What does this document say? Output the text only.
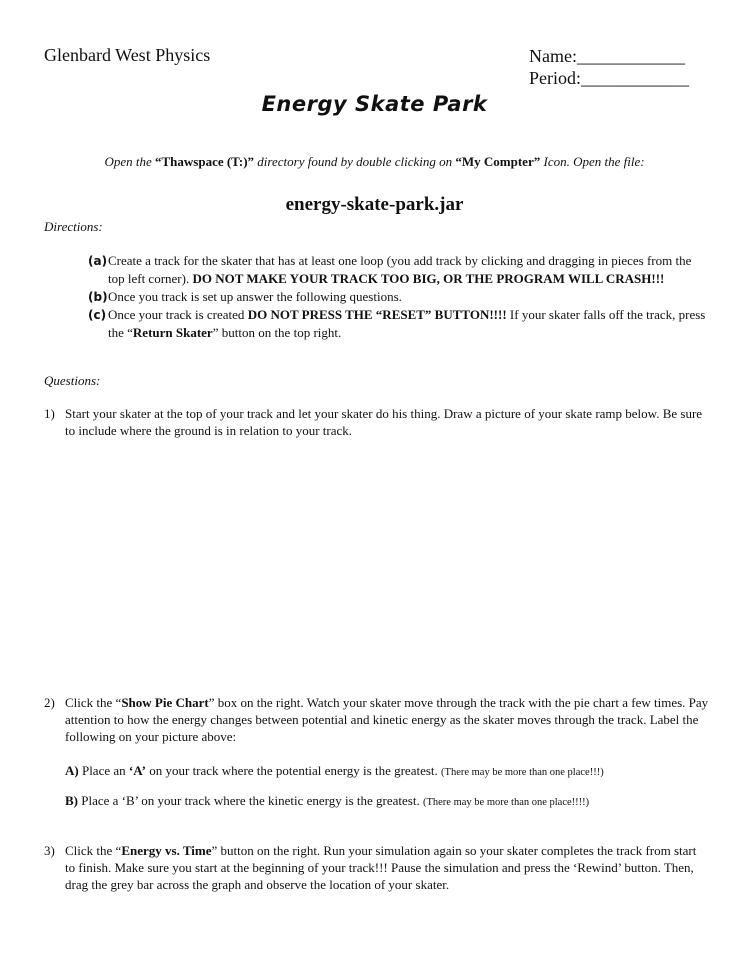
Glenbard West Physics	Name:____________
Period:____________
Energy Skate Park
Open the “Thawspace (T:)” directory found by double clicking on “My Compter” Icon. Open the file:
energy-skate-park.jar
Directions:
(a) Create a track for the skater that has at least one loop (you add track by clicking and dragging in pieces from the top left corner). DO NOT MAKE YOUR TRACK TOO BIG, OR THE PROGRAM WILL CRASH!!!
(b) Once you track is set up answer the following questions.
(c) Once your track is created DO NOT PRESS THE “RESET” BUTTON!!!! If your skater falls off the track, press the “Return Skater” button on the top right.
Questions:
1) Start your skater at the top of your track and let your skater do his thing. Draw a picture of your skate ramp below. Be sure to include where the ground is in relation to your track.
2) Click the “Show Pie Chart” box on the right. Watch your skater move through the track with the pie chart a few times. Pay attention to how the energy changes between potential and kinetic energy as the skater moves through the track. Label the following on your picture above:
A) Place an ‘A’ on your track where the potential energy is the greatest. (There may be more than one place!!!)
B) Place a ‘B’ on your track where the kinetic energy is the greatest. (There may be more than one place!!!!)
3) Click the “Energy vs. Time” button on the right. Run your simulation again so your skater completes the track from start to finish. Make sure you start at the beginning of your track!!! Pause the simulation and press the ‘Rewind’ button. Then, drag the grey bar across the graph and observe the location of your skater.
